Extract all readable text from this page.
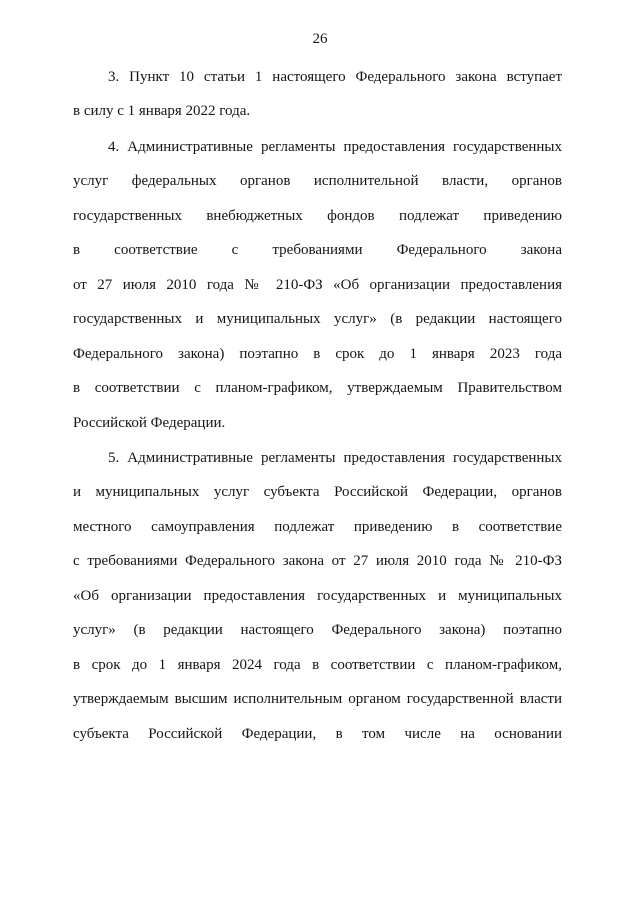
26
3. Пункт 10 статьи 1 настоящего Федерального закона вступает
в силу с 1 января 2022 года.
4. Административные регламенты предоставления государственных
услуг федеральных органов исполнительной власти, органов
государственных внебюджетных фондов подлежат приведению
в соответствие с требованиями Федерального закона
от 27 июля 2010 года № 210-ФЗ «Об организации предоставления
государственных и муниципальных услуг» (в редакции настоящего
Федерального закона) поэтапно в срок до 1 января 2023 года
в соответствии с планом-графиком, утверждаемым Правительством
Российской Федерации.
5. Административные регламенты предоставления государственных
и муниципальных услуг субъекта Российской Федерации, органов
местного самоуправления подлежат приведению в соответствие
с требованиями Федерального закона от 27 июля 2010 года № 210-ФЗ
«Об организации предоставления государственных и муниципальных
услуг» (в редакции настоящего Федерального закона) поэтапно
в срок до 1 января 2024 года в соответствии с планом-графиком,
утверждаемым высшим исполнительным органом государственной власти
субъекта Российской Федерации, в том числе на основании
